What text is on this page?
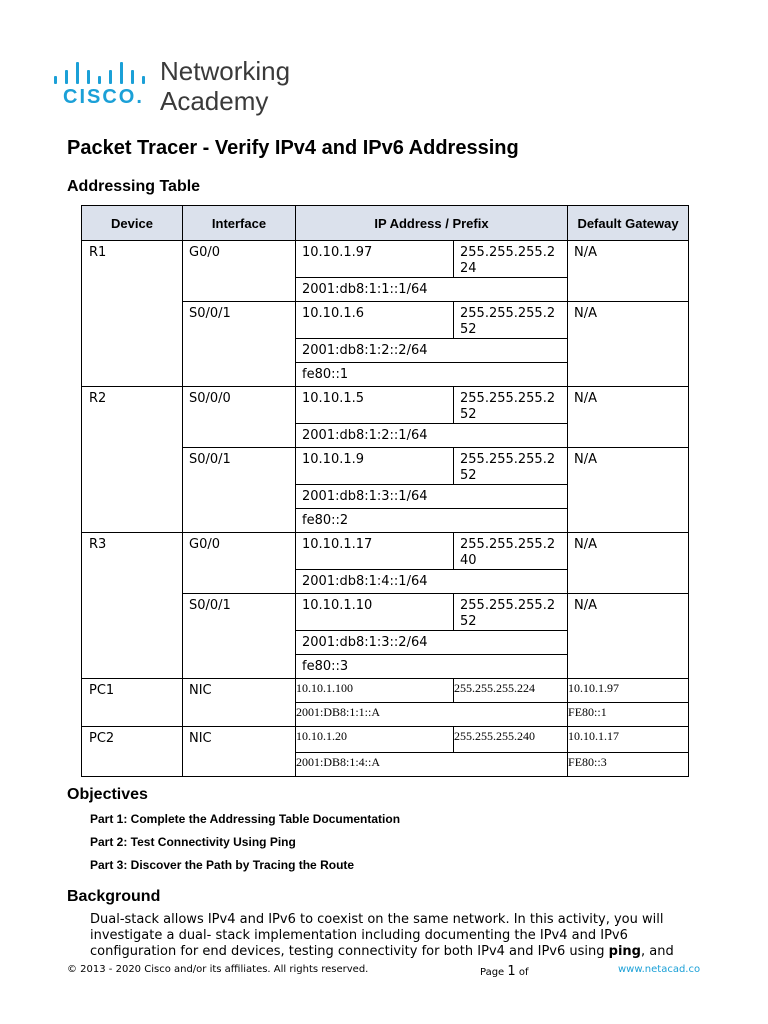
CISCO.
Networking
Academy
Packet Tracer - Verify IPv4 and IPv6 Addressing
Addressing Table
Device	Interface	IP Address / Prefix		Default Gateway
R1	G0/0	10.10.1.97	255.255.255.224	N/A
		2001:db8:1:1::1/64		
	S0/0/1	10.10.1.6	255.255.255.252	N/A
		2001:db8:1:2::2/64		
		fe80::1		
R2	S0/0/0	10.10.1.5	255.255.255.252	N/A
		2001:db8:1:2::1/64		
	S0/0/1	10.10.1.9	255.255.255.252	N/A
		2001:db8:1:3::1/64		
		fe80::2		
R3	G0/0	10.10.1.17	255.255.255.240	N/A
		2001:db8:1:4::1/64		
	S0/0/1	10.10.1.10	255.255.255.252	N/A
		2001:db8:1:3::2/64		
		fe80::3		
PC1	NIC	10.10.1.100	255.255.255.224	10.10.1.97
		2001:DB8:1:1::A		FE80::1
PC2	NIC	10.10.1.20	255.255.255.240	10.10.1.17
		2001:DB8:1:4::A		FE80::3
Objectives

Part 1: Complete the Addressing Table Documentation

Part 2: Test Connectivity Using Ping

Part 3: Discover the Path by Tracing the Route

Background

Dual-stack allows IPv4 and IPv6 to coexist on the same network. In this activity, you will investigate a dual- stack implementation including documenting the IPv4 and IPv6 configuration for end devices, testing connectivity for both IPv4 and IPv6 using ping, and

© 2013 - 2020 Cisco and/or its affiliates. All rights reserved.	Page 1 of	www.netacad.co
